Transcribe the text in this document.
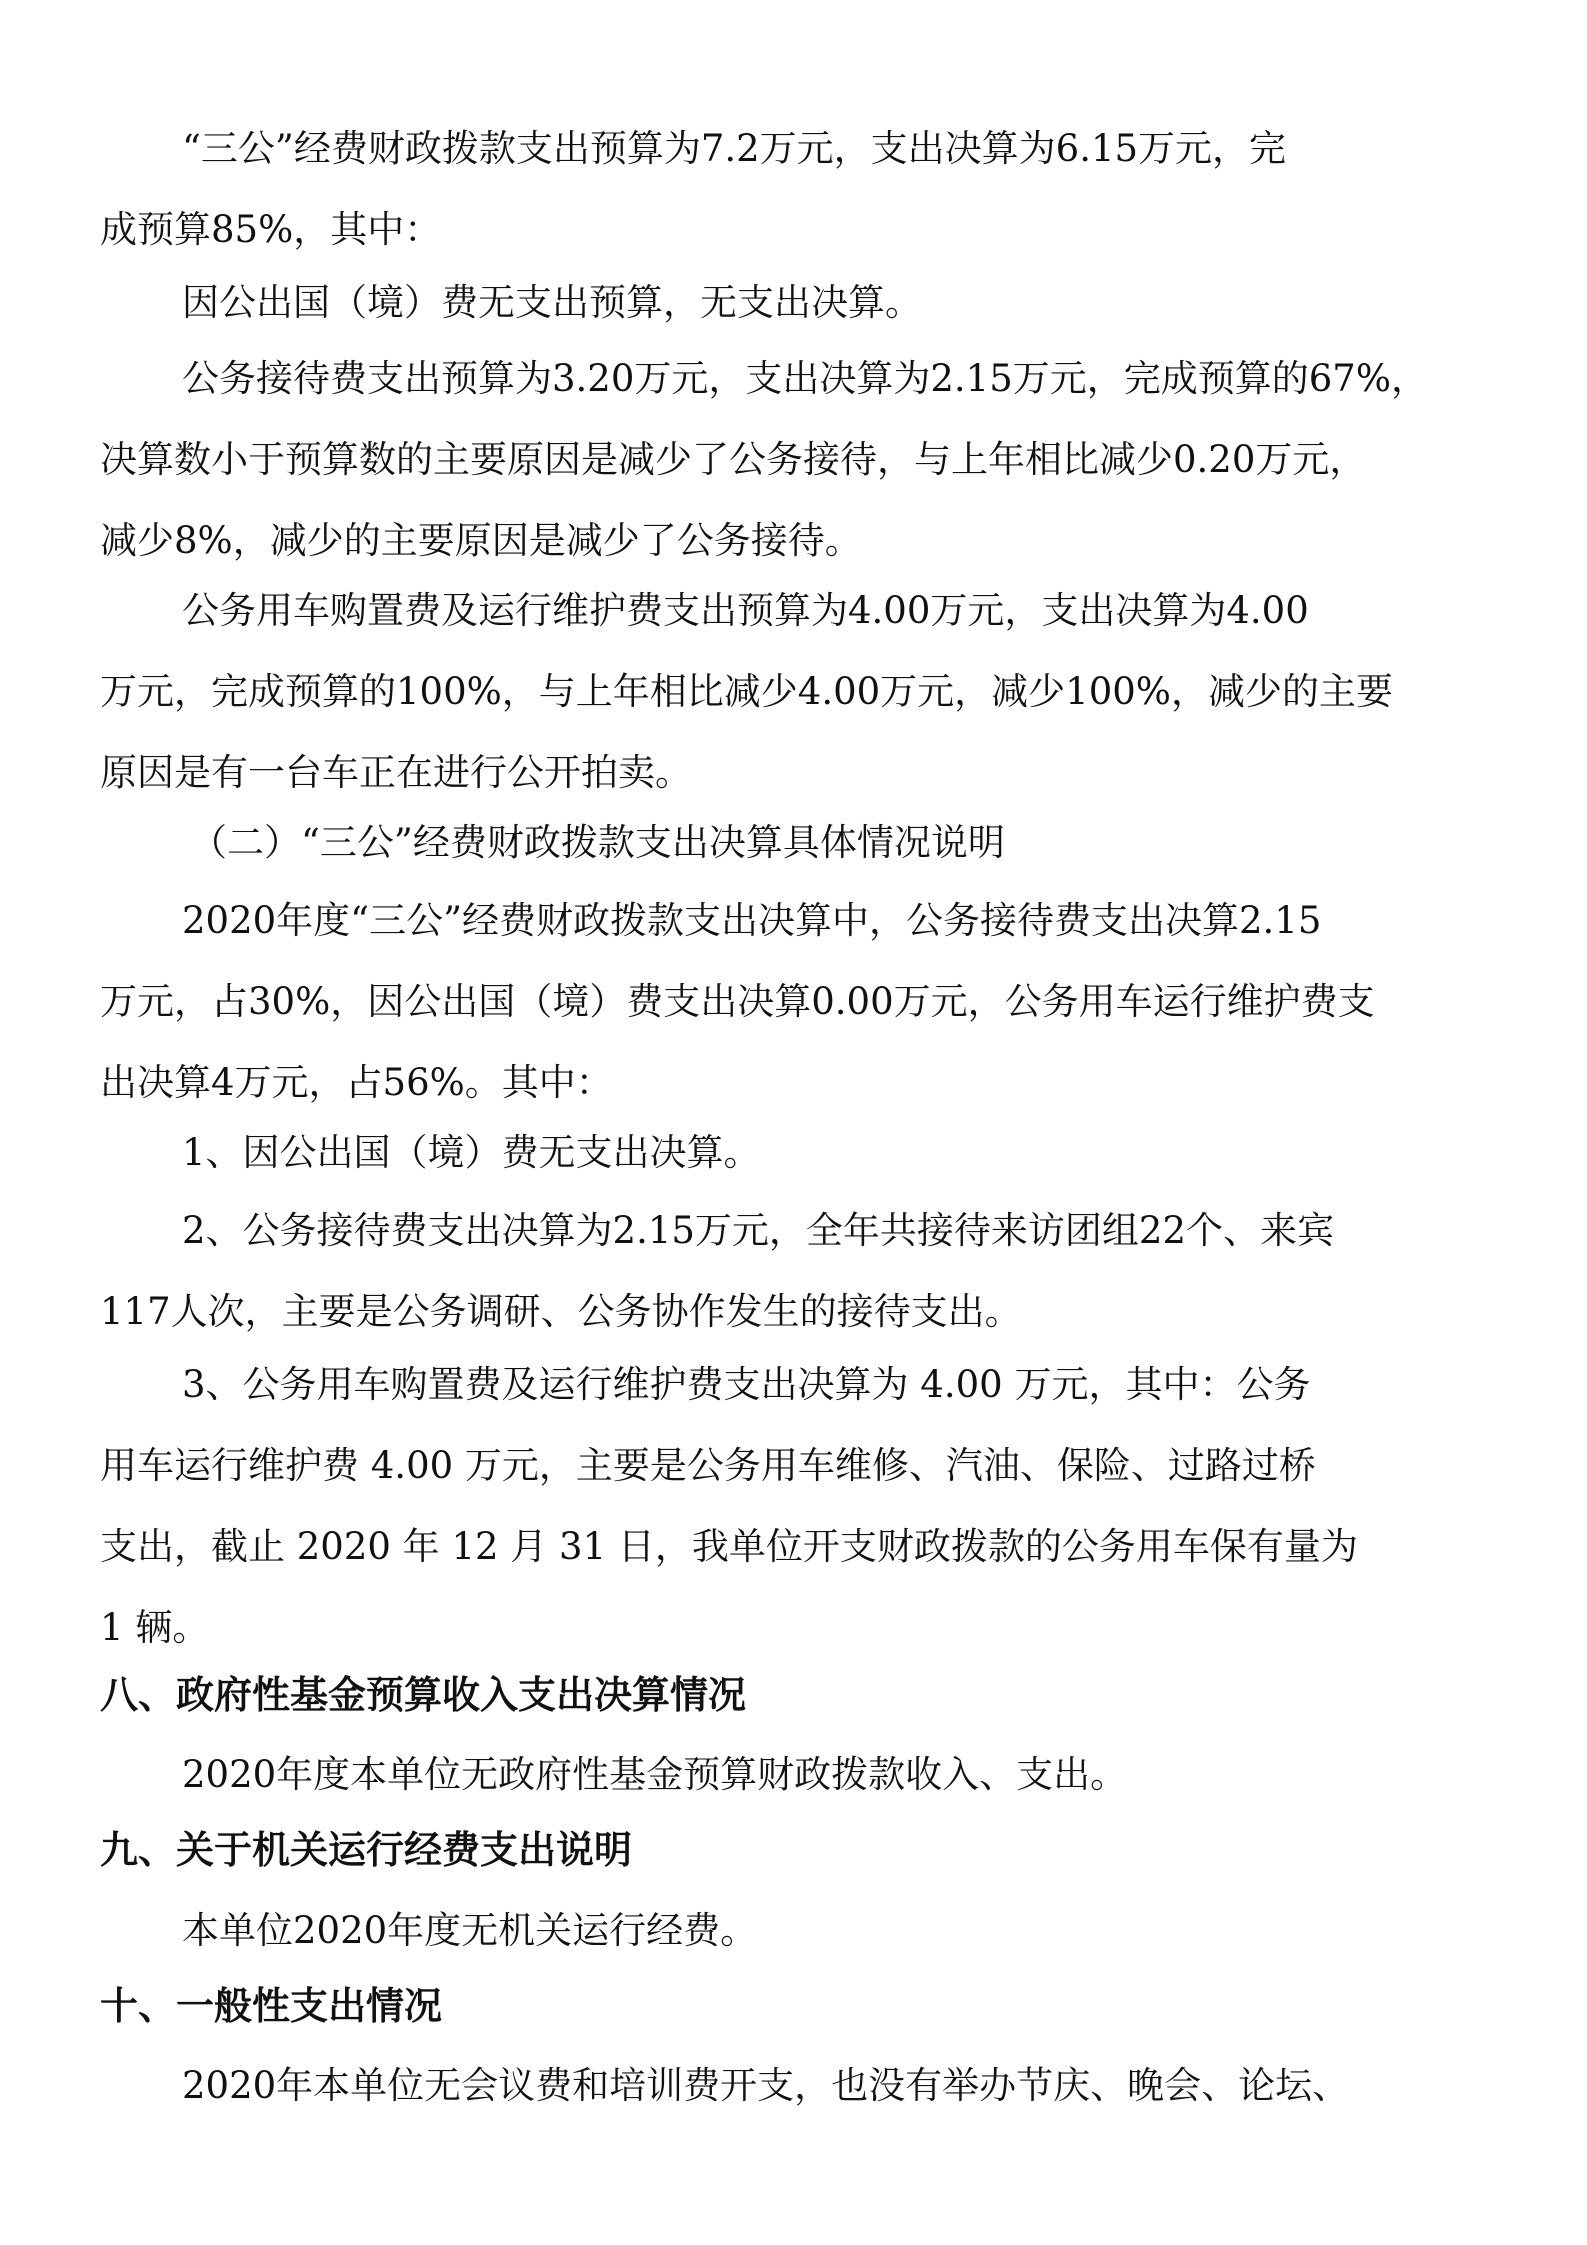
“三公”经费财政拨款支出预算为7.2万元，支出决算为6.15万元，完
成预算85%，其中：
因公出国（境）费无支出预算，无支出决算。
公务接待费支出预算为3.20万元，支出决算为2.15万元，完成预算的67%，
决算数小于预算数的主要原因是减少了公务接待，与上年相比减少0.20万元，
减少8%，减少的主要原因是减少了公务接待。
公务用车购置费及运行维护费支出预算为4.00万元，支出决算为4.00
万元，完成预算的100%，与上年相比减少4.00万元，减少100%，减少的主要
原因是有一台车正在进行公开拍卖。
（二）“三公”经费财政拨款支出决算具体情况说明
2020年度“三公”经费财政拨款支出决算中，公务接待费支出决算2.15
万元，占30%，因公出国（境）费支出决算0.00万元，公务用车运行维护费支
出决算4万元，占56%。其中：
1、因公出国（境）费无支出决算。
2、公务接待费支出决算为2.15万元，全年共接待来访团组22个、来宾
117人次，主要是公务调研、公务协作发生的接待支出。
3、公务用车购置费及运行维护费支出决算为 4.00 万元，其中：公务
用车运行维护费 4.00 万元，主要是公务用车维修、汽油、保险、过路过桥
支出，截止 2020 年 12 月 31 日，我单位开支财政拨款的公务用车保有量为
1 辆。
八、政府性基金预算收入支出决算情况
2020年度本单位无政府性基金预算财政拨款收入、支出。
九、关于机关运行经费支出说明
本单位2020年度无机关运行经费。
十、一般性支出情况
2020年本单位无会议费和培训费开支，也没有举办节庆、晚会、论坛、
